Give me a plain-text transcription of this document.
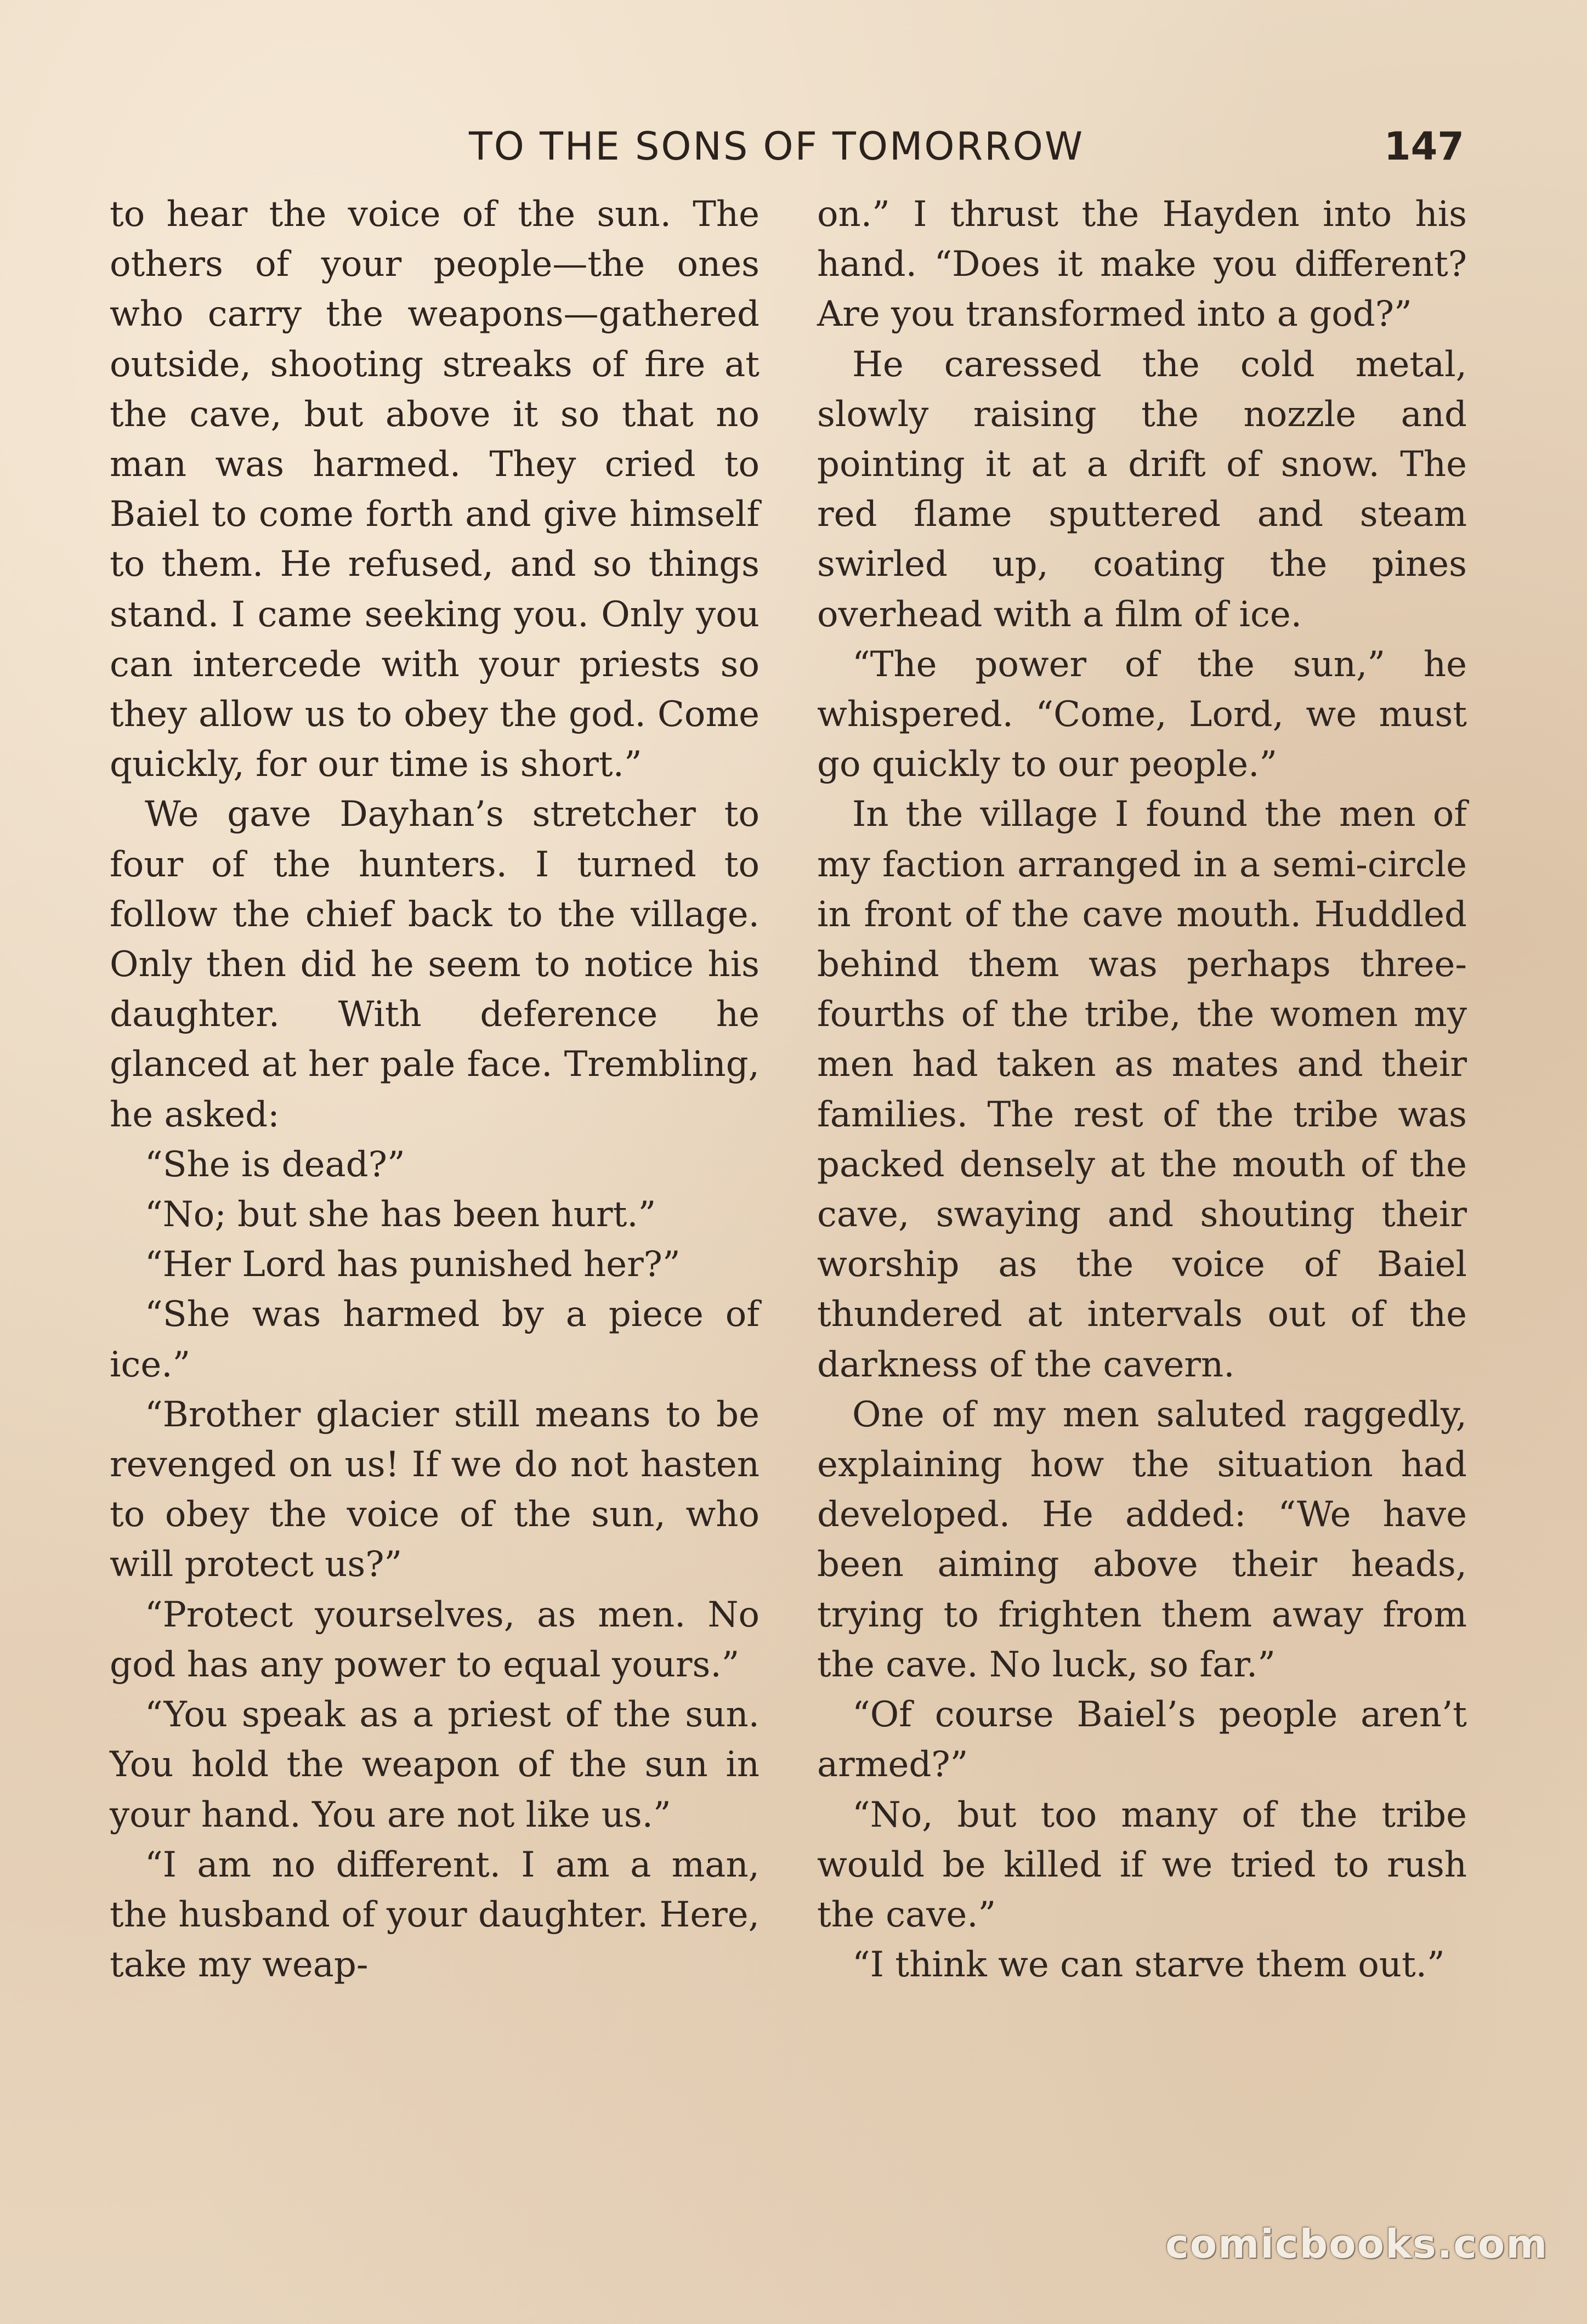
TO THE SONS OF TOMORROW	147

to hear the voice of the sun. The others of your people—the ones who carry the weapons—gathered outside, shooting streaks of fire at the cave, but above it so that no man was harmed. They cried to Baiel to come forth and give himself to them. He refused, and so things stand. I came seeking you. Only you can intercede with your priests so they allow us to obey the god. Come quickly, for our time is short.”

We gave Dayhan’s stretcher to four of the hunters. I turned to follow the chief back to the village. Only then did he seem to notice his daughter. With deference he glanced at her pale face. Trembling, he asked:

“She is dead?”

“No; but she has been hurt.”

“Her Lord has punished her?”

“She was harmed by a piece of ice.”

“Brother glacier still means to be revenged on us! If we do not hasten to obey the voice of the sun, who will protect us?”

“Protect yourselves, as men. No god has any power to equal yours.”

“You speak as a priest of the sun. You hold the weapon of the sun in your hand. You are not like us.”

“I am no different. I am a man, the husband of your daughter. Here, take my weap-

on.” I thrust the Hayden into his hand. “Does it make you different? Are you transformed into a god?”

He caressed the cold metal, slowly raising the nozzle and pointing it at a drift of snow. The red flame sputtered and steam swirled up, coating the pines overhead with a film of ice.

“The power of the sun,” he whispered. “Come, Lord, we must go quickly to our people.”

In the village I found the men of my faction arranged in a semi-circle in front of the cave mouth. Huddled behind them was perhaps three-fourths of the tribe, the women my men had taken as mates and their families. The rest of the tribe was packed densely at the mouth of the cave, swaying and shouting their worship as the voice of Baiel thundered at intervals out of the darkness of the cavern.

One of my men saluted raggedly, explaining how the situation had developed. He added: “We have been aiming above their heads, trying to frighten them away from the cave. No luck, so far.”

“Of course Baiel’s people aren’t armed?”

“No, but too many of the tribe would be killed if we tried to rush the cave.”

“I think we can starve them out.”

comicbooks.com
